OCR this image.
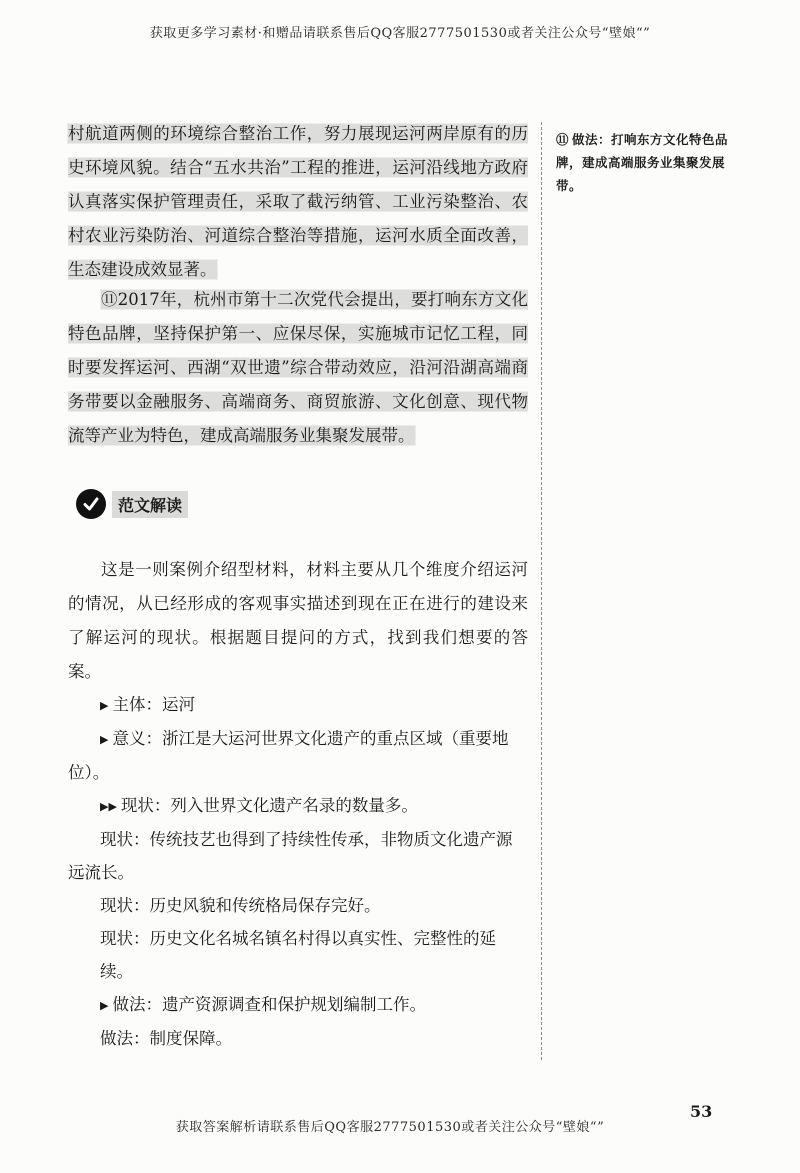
获取更多学习素材·和赠品请联系售后QQ客服2777501530或者关注公众号“壁娘“”
⑪ 做法：打响东方文化特色品牌，建成高端服务业集聚发展带。
村航道两侧的环境综合整治工作，努力展现运河两岸原有的历史环境风貌。结合“五水共治”工程的推进，运河沿线地方政府认真落实保护管理责任，采取了截污纳管、工业污染整治、农村农业污染防治、河道综合整治等措施，运河水质全面改善，生态建设成效显著。
⑪2017年，杭州市第十二次党代会提出，要打响东方文化特色品牌，坚持保护第一、应保尽保，实施城市记忆工程，同时要发挥运河、西湖“双世遗”综合带动效应，沿河沿湖高端商务带要以金融服务、高端商务、商贸旅游、文化创意、现代物流等产业为特色，建成高端服务业集聚发展带。
范文解读
这是一则案例介绍型材料，材料主要从几个维度介绍运河的情况，从已经形成的客观事实描述到现在正在进行的建设来了解运河的现状。根据题目提问的方式，找到我们想要的答案。

▶ 主体：运河

▶ 意义：浙江是大运河世界文化遗产的重点区域（重要地

位）。

▶▶ 现状：列入世界文化遗产名录的数量多。

现状：传统技艺也得到了持续性传承，非物质文化遗产源

远流长。

现状：历史风貌和传统格局保存完好。

现状：历史文化名城名镇名村得以真实性、完整性的延续。

▶ 做法：遗产资源调查和保护规划编制工作。

做法：制度保障。

获取答案解析请联系售后QQ客服2777501530或者关注公众号“壁娘“”
53
